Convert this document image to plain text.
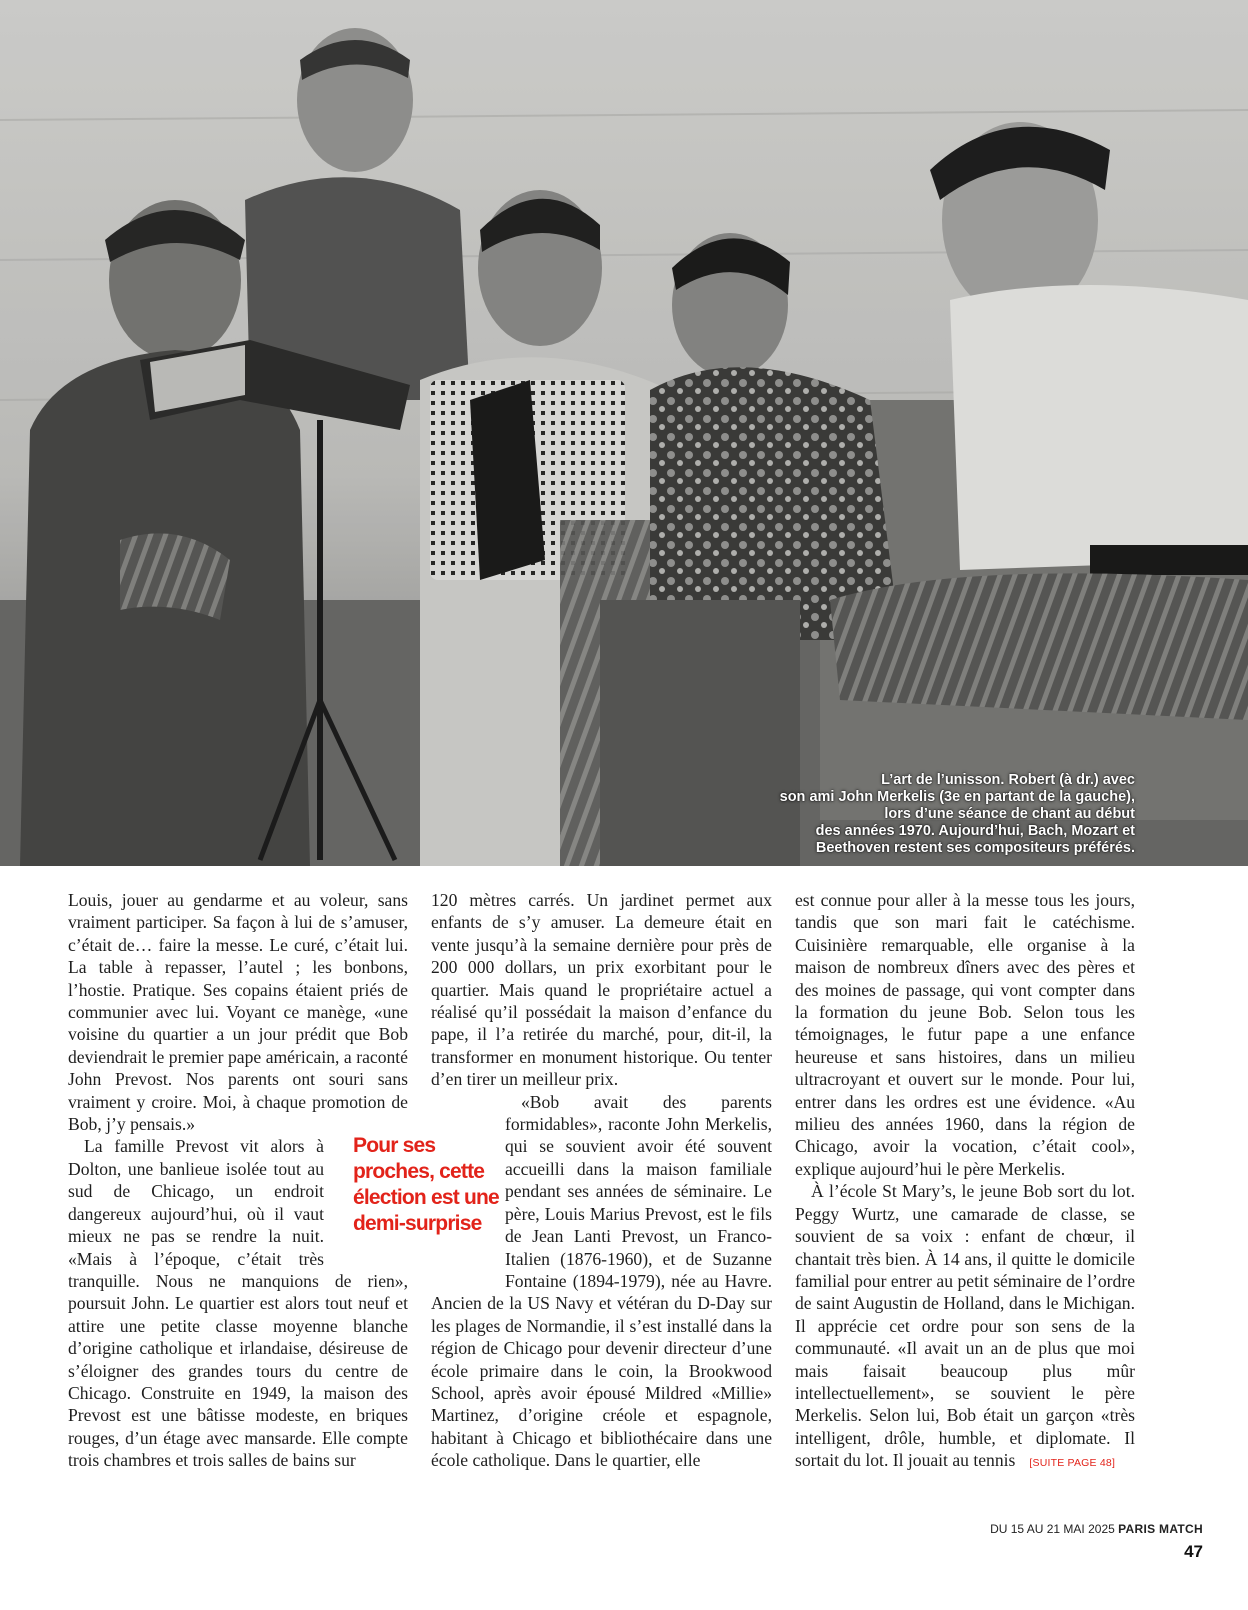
L’art de l’unisson. Robert (à dr.) avec
son ami John Merkelis (3e en partant de la gauche),
lors d’une séance de chant au début
des années 1970. Aujourd’hui, Bach, Mozart et
Beethoven restent ses compositeurs préférés.

Louis, jouer au gendarme et au voleur, sans vraiment participer. Sa façon à lui de s’amuser, c’était de… faire la messe. Le curé, c’était lui. La table à repasser, l’autel ; les bonbons, l’hostie. Pratique. Ses copains étaient priés de communier avec lui. Voyant ce manège, «une voisine du quartier a un jour prédit que Bob deviendrait le premier pape américain, a raconté John Prevost. Nos parents ont souri sans vraiment y croire. Moi, à chaque promotion de Bob, j’y pensais.»

La famille Prevost vit alors à Dolton, une banlieue isolée tout au sud de Chicago, un endroit dangereux aujourd’hui, où il vaut mieux ne pas se rendre la nuit. «Mais à l’époque, c’était très tranquille. Nous ne manquions de rien», poursuit John. Le quartier est alors tout neuf et attire une petite classe moyenne blanche d’origine catholique et irlandaise, désireuse de s’éloigner des grandes tours du centre de Chicago. Construite en 1949, la maison des Prevost est une bâtisse modeste, en briques rouges, d’un étage avec mansarde. Elle compte trois chambres et trois salles de bains sur

120 mètres carrés. Un jardinet permet aux enfants de s’y amuser. La demeure était en vente jusqu’à la semaine dernière pour près de 200 000 dollars, un prix exorbitant pour le quartier. Mais quand le propriétaire actuel a réalisé qu’il possédait la maison d’enfance du pape, il l’a retirée du marché, pour, dit-il, la transformer en monument historique. Ou tenter d’en tirer un meilleur prix.

«Bob avait des parents formidables», raconte John Merkelis, qui se souvient avoir été souvent accueilli dans la maison familiale pendant ses années de séminaire. Le père, Louis Marius Prevost, est le fils de Jean Lanti Prevost, un Franco-Italien (1876-1960), et de Suzanne Fontaine (1894-1979), née au Havre. Ancien de la US Navy et vétéran du D-Day sur les plages de Normandie, il s’est installé dans la région de Chicago pour devenir directeur d’une école primaire dans le coin, la Brookwood School, après avoir épousé Mildred «Millie» Martinez, d’origine créole et espagnole, habitant à Chicago et bibliothécaire dans une école catholique. Dans le quartier, elle

Pour ses
proches, cette
élection est une
demi-surprise

est connue pour aller à la messe tous les jours, tandis que son mari fait le catéchisme. Cuisinière remarquable, elle organise à la maison de nombreux dîners avec des pères et des moines de passage, qui vont compter dans la formation du jeune Bob. Selon tous les témoignages, le futur pape a une enfance heureuse et sans histoires, dans un milieu ultracroyant et ouvert sur le monde. Pour lui, entrer dans les ordres est une évidence. «Au milieu des années 1960, dans la région de Chicago, avoir la vocation, c’était cool», explique aujourd’hui le père Merkelis.

À l’école St Mary’s, le jeune Bob sort du lot. Peggy Wurtz, une camarade de classe, se souvient de sa voix : enfant de chœur, il chantait très bien. À 14 ans, il quitte le domicile familial pour entrer au petit séminaire de l’ordre de saint Augustin de Holland, dans le Michigan. Il apprécie cet ordre pour son sens de la communauté. «Il avait un an de plus que moi mais faisait beaucoup plus mûr intellectuellement», se souvient le père Merkelis. Selon lui, Bob était un garçon «très intelligent, drôle, humble, et diplomate. Il sortait du lot. Il jouait au tennis [SUITE PAGE 48]

DU 15 AU 21 MAI 2025 PARIS MATCH
47
